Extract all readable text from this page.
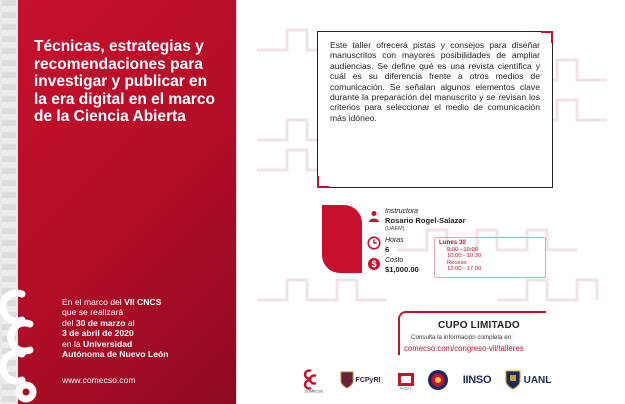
Técnicas, estrategias y recomendaciones para investigar y publicar en la era digital en el marco de la Ciencia Abierta
En el marco del VII CNCS
que se realizará
del 30 de marzo al
3 de abril de 2020
en la Universidad
Autónoma de Nuevo León
www.comecso.com
Este taller ofrecerá pistas y consejos para diseñar manuscritos con mayores posibilidades de ampliar audiencias. Se define qué es una revista científica y cuál es su diferencia frente a otros medios de comunicación. Se señalan algunos elementos clave durante la preparación del manuscrito y se revisan los criterios para seleccionar el medio de comunicación más idóneo.
Instructora
Rosario Rogel-Salazar
(UAEM)
Horas
6
$ Costo
$1,000.00
Lunes 30
9:00 - 10:00
10:00 - 10:30
Receso
12:00 - 17:00
CUPO LIMITADO
Consulta la información completa en:
comecso.com/congreso-vii/talleres
COMECSO
FCPyRI
FACDYC
IINSO	UANL
